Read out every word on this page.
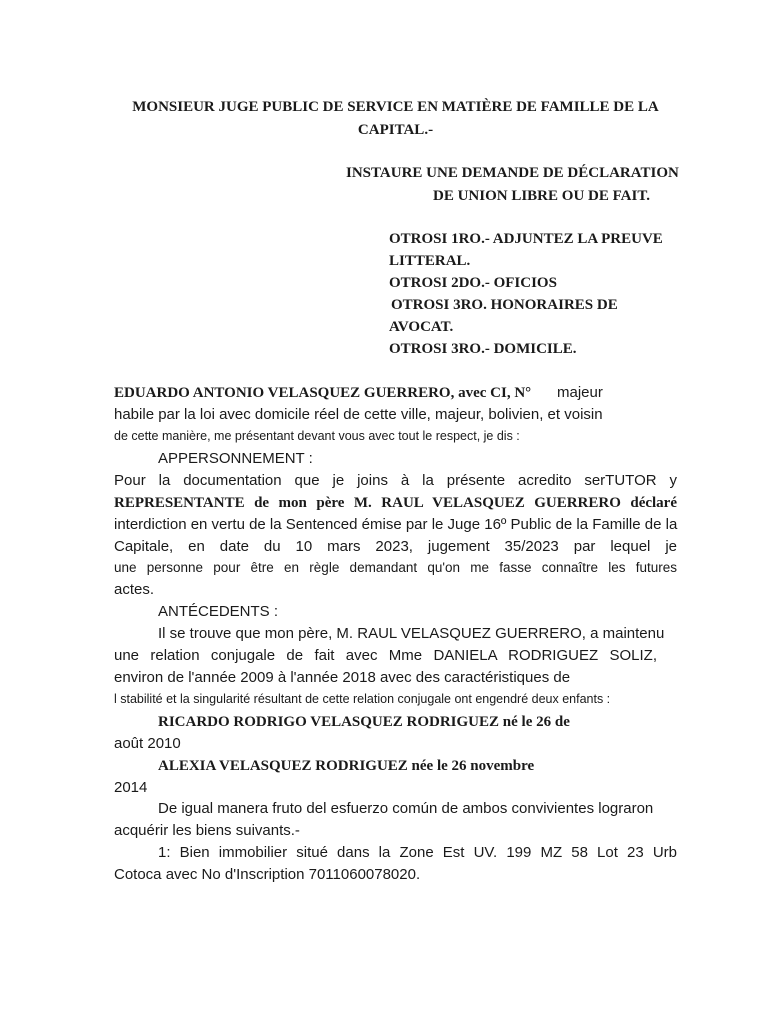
MONSIEUR JUGE PUBLIC DE SERVICE EN MATIÈRE DE FAMILLE DE LA
CAPITAL.-
INSTAURE UNE DEMANDE DE DÉCLARATION
DE UNION LIBRE OU DE FAIT.
OTROSI 1RO.- ADJUNTEZ LA PREUVE
LITTERAL.
OTROSI 2DO.- OFICIOS
OTROSI 3RO. HONORAIRES DE
AVOCAT.
OTROSI 3RO.- DOMICILE.
EDUARDO ANTONIO VELASQUEZ GUERRERO, avec CI, N° majeur
habile par la loi avec domicile réel de cette ville, majeur, bolivien, et voisin
de cette manière, me présentant devant vous avec tout le respect, je dis :
APPERSONNEMENT :
Pour la documentation que je joins à la présente acredito serTUTOR y
REPRESENTANTE de mon père M. RAUL VELASQUEZ GUERRERO déclaré
interdiction en vertu de la Sentenced émise par le Juge 16º Public de la Famille de la
Capitale, en date du 10 mars 2023, jugement 35/2023 par lequel je
une personne pour être en règle demandant qu'on me fasse connaître les futures
actes.
ANTÉCEDENTS :
Il se trouve que mon père, M. RAUL VELASQUEZ GUERRERO, a maintenu
une relation conjugale de fait avec Mme DANIELA RODRIGUEZ SOLIZ,
environ de l'année 2009 à l'année 2018 avec des caractéristiques de
l stabilité et la singularité résultant de cette relation conjugale ont engendré deux enfants :
RICARDO RODRIGO VELASQUEZ RODRIGUEZ né le 26 de
août 2010
ALEXIA VELASQUEZ RODRIGUEZ née le 26 novembre
2014
De igual manera fruto del esfuerzo común de ambos convivientes lograron
acquérir les biens suivants.-
1: Bien immobilier situé dans la Zone Est UV. 199 MZ 58 Lot 23 Urb
Cotoca avec No d'Inscription 7011060078020.
